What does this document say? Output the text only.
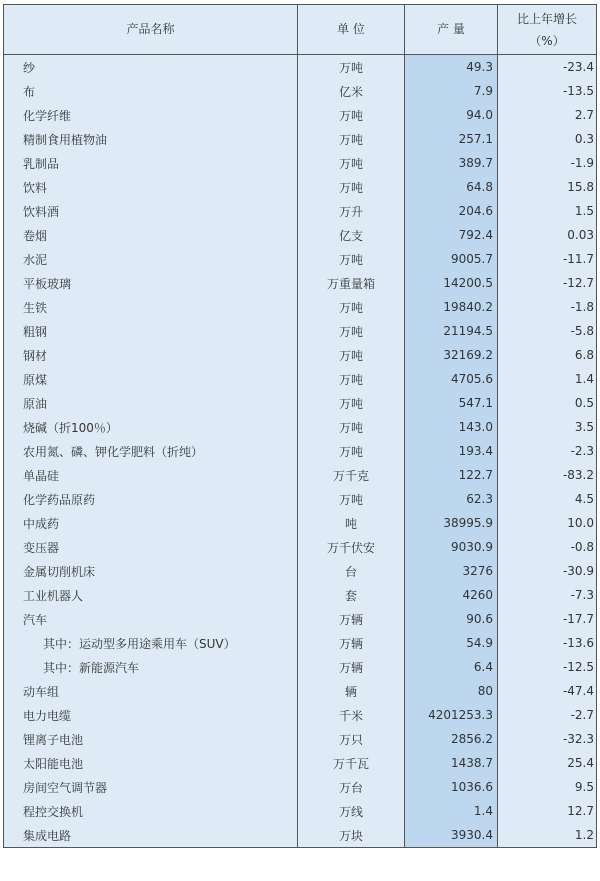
产品名称	单 位	产 量	比上年增长
（%）

纱	万吨	49.3	-23.4
布	亿米	7.9	-13.5
化学纤维	万吨	94.0	2.7
精制食用植物油	万吨	257.1	0.3
乳制品	万吨	389.7	-1.9
饮料	万吨	64.8	15.8
饮料酒	万升	204.6	1.5
卷烟	亿支	792.4	0.03
水泥	万吨	9005.7	-11.7
平板玻璃	万重量箱	14200.5	-12.7
生铁	万吨	19840.2	-1.8
粗钢	万吨	21194.5	-5.8
钢材	万吨	32169.2	6.8
原煤	万吨	4705.6	1.4
原油	万吨	547.1	0.5
烧碱（折100％）	万吨	143.0	3.5
农用氮、磷、钾化学肥料（折纯）	万吨	193.4	-2.3
单晶硅	万千克	122.7	-83.2
化学药品原药	万吨	62.3	4.5
中成药	吨	38995.9	10.0
变压器	万千伏安	9030.9	-0.8
金属切削机床	台	3276	-30.9
工业机器人	套	4260	-7.3
汽车	万辆	90.6	-17.7
其中：运动型多用途乘用车（SUV）	万辆	54.9	-13.6
其中：新能源汽车	万辆	6.4	-12.5
动车组	辆	80	-47.4
电力电缆	千米	4201253.3	-2.7
锂离子电池	万只	2856.2	-32.3
太阳能电池	万千瓦	1438.7	25.4
房间空气调节器	万台	1036.6	9.5
程控交换机	万线	1.4	12.7
集成电路	万块	3930.4	1.2
